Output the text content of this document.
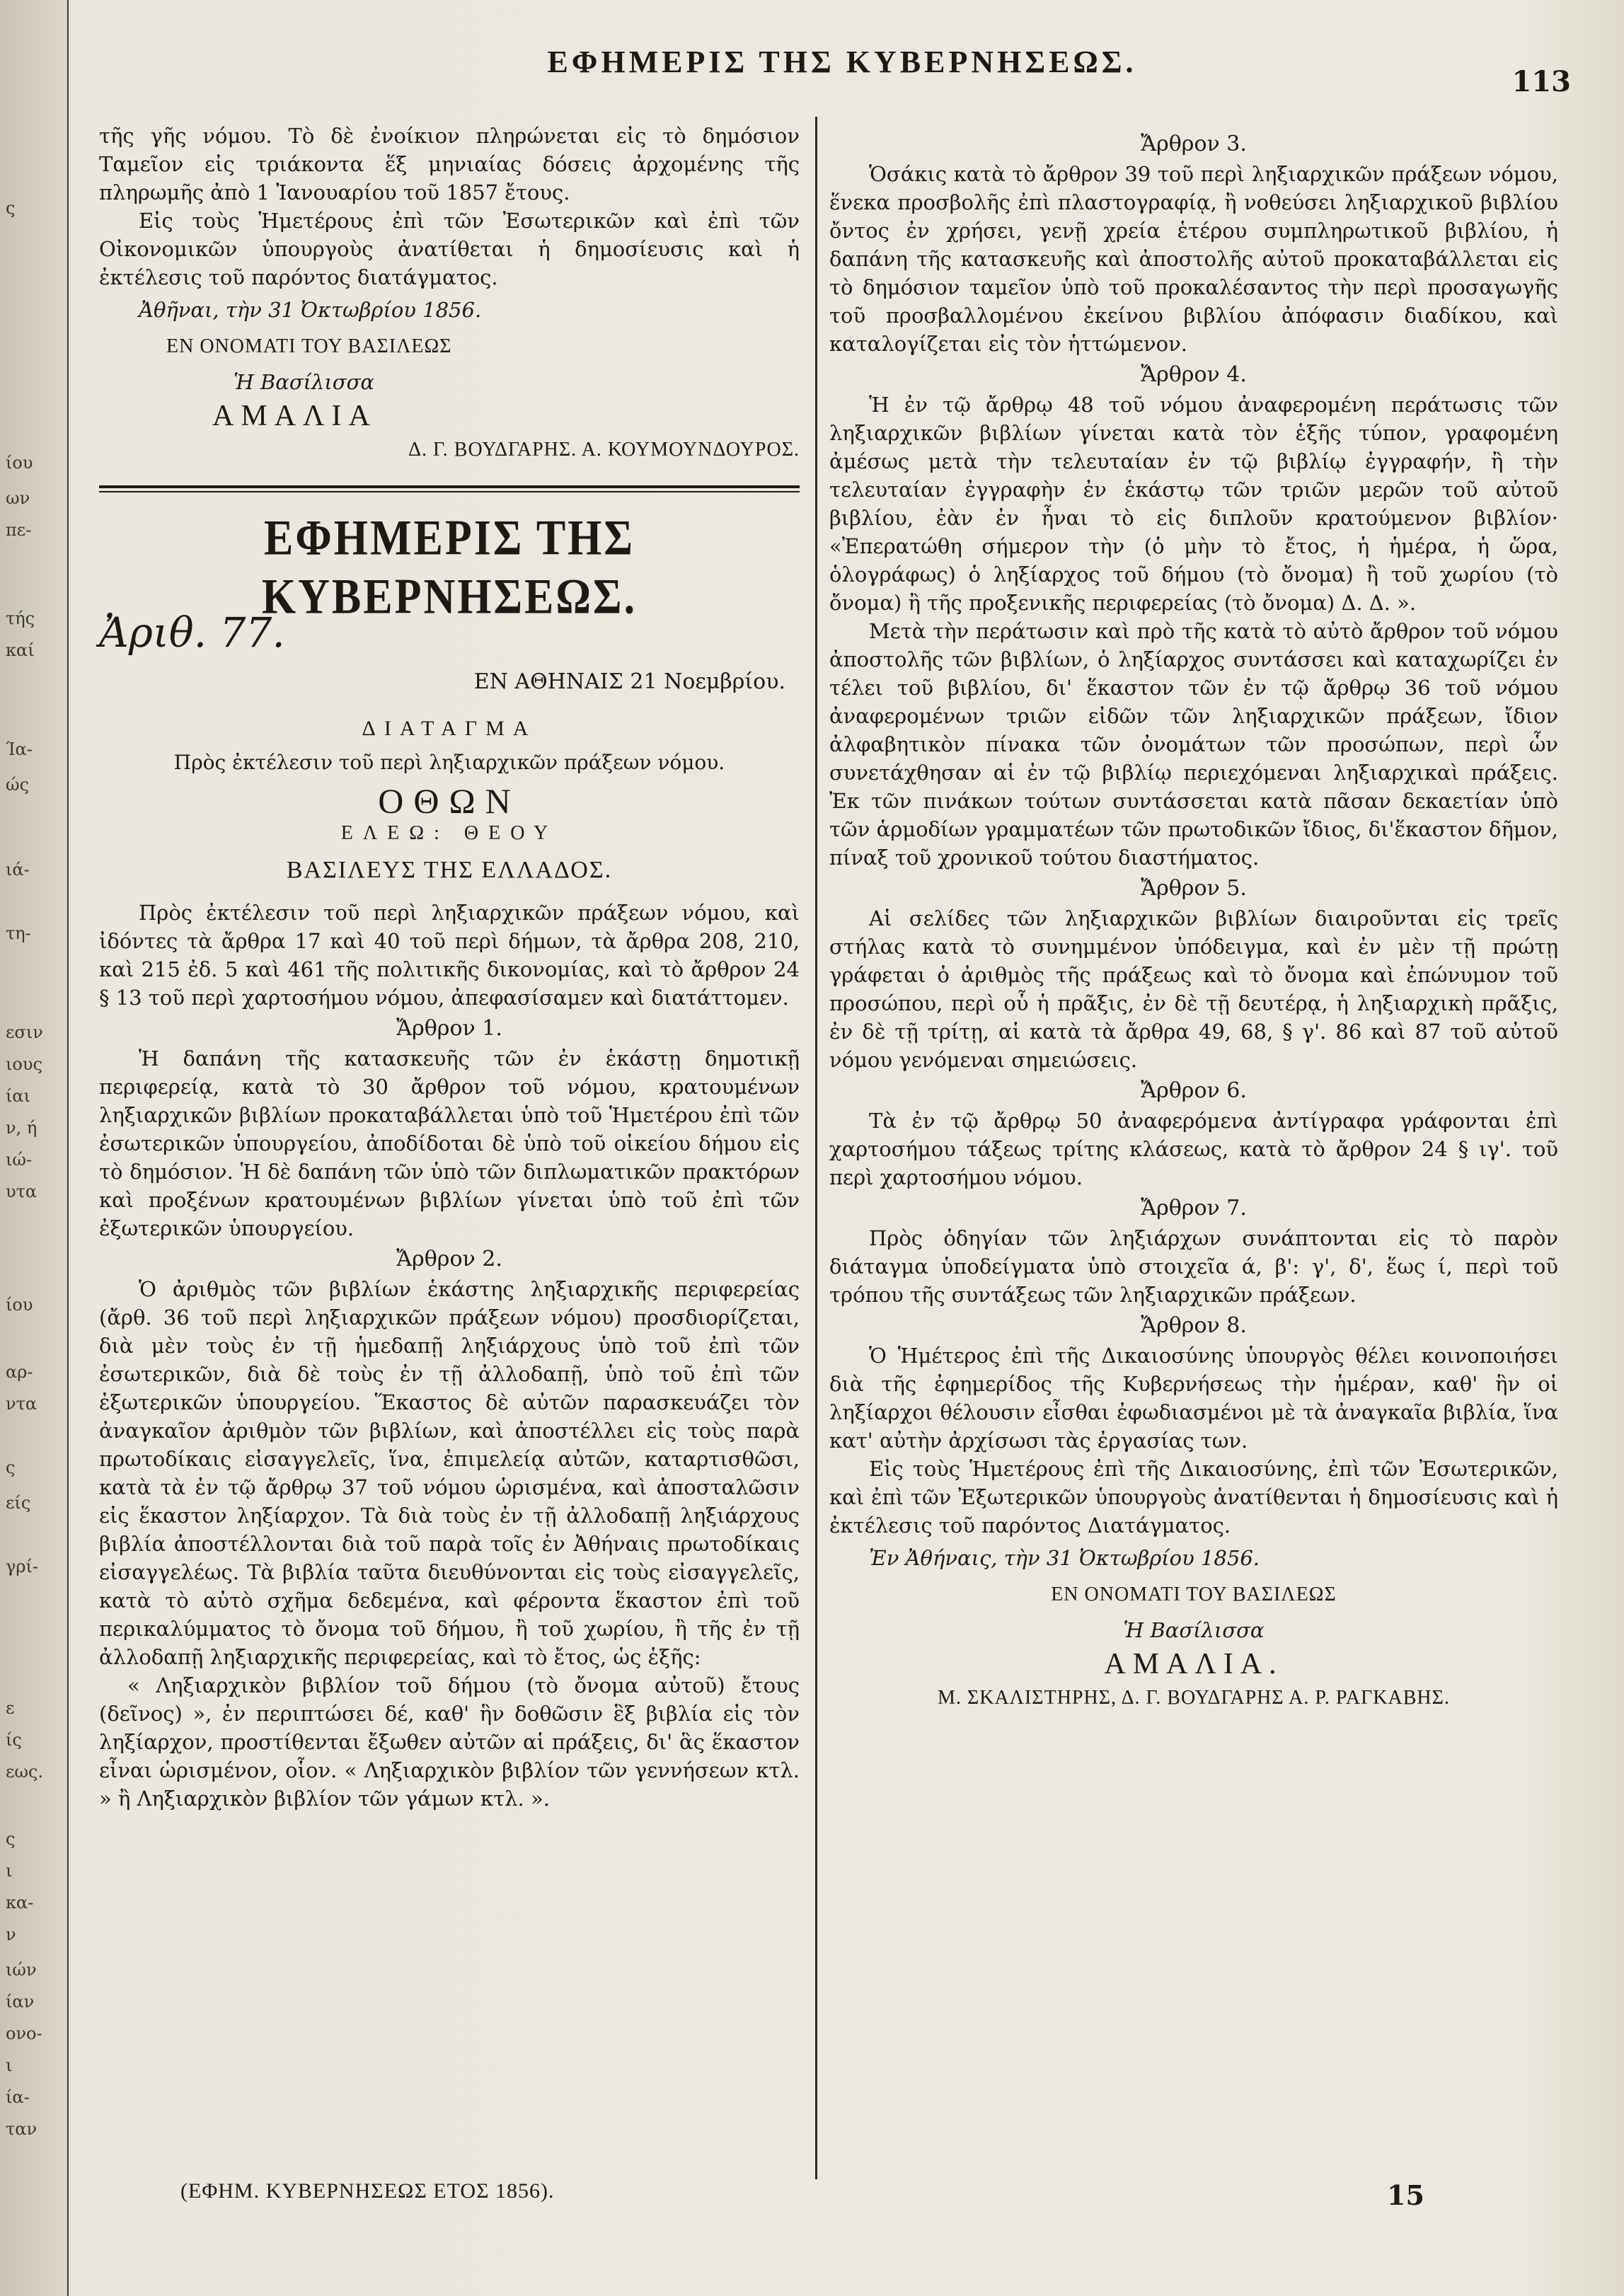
ς
ίου
ων
πε-
τής
καί
Ία-
ώς
ιά-
τη-
εσιν
ιους
ίαι
ν, ή
ιώ-
υτα
ίου
αρ-
ντα
ς
είς
γρί-
ε
ίς
εως.
ς
ι
κα-
ν
ιών
ίαν
ονο-
ι
ία-
ταν
ΕΦΗΜΕΡΙΣ ΤΗΣ ΚΥΒΕΡΝΗΣΕΩΣ.
113

τῆς γῆς νόμου. Τὸ δὲ ἐνοίκιον πληρώνεται εἰς τὸ δημόσιον Ταμεῖον εἰς τριάκοντα ἕξ μηνιαίας δόσεις ἀρχομένης τῆς πληρωμῆς ἀπὸ 1 Ἰανουαρίου τοῦ 1857 ἔτους.

Εἰς τοὺς Ἡμετέρους ἐπὶ τῶν Ἐσωτερικῶν καὶ ἐπὶ τῶν Οἰκονομικῶν ὑπουργοὺς ἀνατίθεται ἡ δημοσίευσις καὶ ἡ ἐκτέλεσις τοῦ παρόντος διατάγματος.

Ἀθῆναι, τὴν 31 Ὀκτωβρίου 1856.

ΕΝ ΟΝΟΜΑΤΙ ΤΟΥ ΒΑΣΙΛΕΩΣ
Ἡ Βασίλισσα
ΑΜΑΛΙΑ
Δ. Γ. ΒΟΥΔΓΑΡΗΣ. Α. ΚΟΥΜΟΥΝΔΟΥΡΟΣ.
ΕΦΗΜΕΡΙΣ ΤΗΣ ΚΥΒΕΡΝΗΣΕΩΣ.
Ἀριθ. 77.
ΕΝ ΑΘΗΝΑΙΣ 21 Νοεμβρίου.
ΔΙΑΤΑΓΜΑ
Πρὸς ἐκτέλεσιν τοῦ περὶ ληξιαρχικῶν πράξεων νόμου.
ΟΘΩΝ
ΕΛΕΩ: ΘΕΟΥ
ΒΑΣΙΛΕΥΣ ΤΗΣ ΕΛΛΑΔΟΣ.

Πρὸς ἐκτέλεσιν τοῦ περὶ ληξιαρχικῶν πράξεων νόμου, καὶ ἰδόντες τὰ ἄρθρα 17 καὶ 40 τοῦ περὶ δήμων, τὰ ἄρθρα 208, 210, καὶ 215 ἐδ. 5 καὶ 461 τῆς πολιτικῆς δικονομίας, καὶ τὸ ἄρθρον 24 § 13 τοῦ περὶ χαρτοσήμου νόμου, ἀπεφασίσαμεν καὶ διατάττομεν.

Ἄρθρον 1.

Ἡ δαπάνη τῆς κατασκευῆς τῶν ἐν ἑκάστῃ δημοτικῇ περιφερείᾳ, κατὰ τὸ 30 ἄρθρον τοῦ νόμου, κρατουμένων ληξιαρχικῶν βιβλίων προκαταβάλλεται ὑπὸ τοῦ Ἡμετέρου ἐπὶ τῶν ἐσωτερικῶν ὑπουργείου, ἀποδίδοται δὲ ὑπὸ τοῦ οἰκείου δήμου εἰς τὸ δημόσιον. Ἡ δὲ δαπάνη τῶν ὑπὸ τῶν διπλωματικῶν πρακτόρων καὶ προξένων κρατουμένων βιβλίων γίνεται ὑπὸ τοῦ ἐπὶ τῶν ἐξωτερικῶν ὑπουργείου.

Ἄρθρον 2.

Ὁ ἀριθμὸς τῶν βιβλίων ἑκάστης ληξιαρχικῆς περιφερείας (ἄρθ. 36 τοῦ περὶ ληξιαρχικῶν πράξεων νόμου) προσδιορίζεται, διὰ μὲν τοὺς ἐν τῇ ἡμεδαπῇ ληξιάρχους ὑπὸ τοῦ ἐπὶ τῶν ἐσωτερικῶν, διὰ δὲ τοὺς ἐν τῇ ἀλλοδαπῇ, ὑπὸ τοῦ ἐπὶ τῶν ἐξωτερικῶν ὑπουργείου. Ἕκαστος δὲ αὐτῶν παρασκευάζει τὸν ἀναγκαῖον ἀριθμὸν τῶν βιβλίων, καὶ ἀποστέλλει εἰς τοὺς παρὰ πρωτοδίκαις εἰσαγγελεῖς, ἵνα, ἐπιμελείᾳ αὐτῶν, καταρτισθῶσι, κατὰ τὰ ἐν τῷ ἄρθρῳ 37 τοῦ νόμου ὡρισμένα, καὶ ἀποσταλῶσιν εἰς ἕκαστον ληξίαρχον. Τὰ διὰ τοὺς ἐν τῇ ἀλλοδαπῇ ληξιάρχους βιβλία ἀποστέλλονται διὰ τοῦ παρὰ τοῖς ἐν Ἀθήναις πρωτοδίκαις εἰσαγγελέως. Τὰ βιβλία ταῦτα διευθύνονται εἰς τοὺς εἰσαγγελεῖς, κατὰ τὸ αὐτὸ σχῆμα δεδεμένα, καὶ φέροντα ἕκαστον ἐπὶ τοῦ περικαλύμματος τὸ ὄνομα τοῦ δήμου, ἢ τοῦ χωρίου, ἢ τῆς ἐν τῇ ἀλλοδαπῇ ληξιαρχικῆς περιφερείας, καὶ τὸ ἔτος, ὡς ἑξῆς:

« Ληξιαρχικὸν βιβλίον τοῦ δήμου (τὸ ὄνομα αὐτοῦ) ἔτους (δεῖνος) », ἐν περιπτώσει δέ, καθ' ἣν δοθῶσιν ἓξ βιβλία εἰς τὸν ληξίαρχον, προστίθενται ἔξωθεν αὐτῶν αἱ πράξεις, δι' ἃς ἕκαστον εἶναι ὡρισμένον, οἷον. « Ληξιαρχικὸν βιβλίον τῶν γεννήσεων κτλ. » ἢ Ληξιαρχικὸν βιβλίον τῶν γάμων κτλ. ».

Ἄρθρον 3.

Ὁσάκις κατὰ τὸ ἄρθρον 39 τοῦ περὶ ληξιαρχικῶν πράξεων νόμου, ἕνεκα προσβολῆς ἐπὶ πλαστογραφίᾳ, ἢ νοθεύσει ληξιαρχικοῦ βιβλίου ὄντος ἐν χρήσει, γενῇ χρεία ἑτέρου συμπληρωτικοῦ βιβλίου, ἡ δαπάνη τῆς κατασκευῆς καὶ ἀποστολῆς αὐτοῦ προκαταβάλλεται εἰς τὸ δημόσιον ταμεῖον ὑπὸ τοῦ προκαλέσαντος τὴν περὶ προσαγωγῆς τοῦ προσβαλλομένου ἐκείνου βιβλίου ἀπόφασιν διαδίκου, καὶ καταλογίζεται εἰς τὸν ἡττώμενον.

Ἄρθρον 4.

Ἡ ἐν τῷ ἄρθρῳ 48 τοῦ νόμου ἀναφερομένη περάτωσις τῶν ληξιαρχικῶν βιβλίων γίνεται κατὰ τὸν ἑξῆς τύπον, γραφομένη ἀμέσως μετὰ τὴν τελευταίαν ἐν τῷ βιβλίῳ ἐγγραφήν, ἢ τὴν τελευταίαν ἐγγραφὴν ἐν ἑκάστῳ τῶν τριῶν μερῶν τοῦ αὐτοῦ βιβλίου, ἐὰν ἐν ἦναι τὸ εἰς διπλοῦν κρατούμενον βιβλίον· «Ἐπερατώθη σήμερον τὴν (ὁ μὴν τὸ ἔτος, ἡ ἡμέρα, ἡ ὥρα, ὁλογράφως) ὁ ληξίαρχος τοῦ δήμου (τὸ ὄνομα) ἢ τοῦ χωρίου (τὸ ὄνομα) ἢ τῆς προξενικῆς περιφερείας (τὸ ὄνομα) Δ. Δ. ».

Μετὰ τὴν περάτωσιν καὶ πρὸ τῆς κατὰ τὸ αὐτὸ ἄρθρον τοῦ νόμου ἀποστολῆς τῶν βιβλίων, ὁ ληξίαρχος συντάσσει καὶ καταχωρίζει ἐν τέλει τοῦ βιβλίου, δι' ἕκαστον τῶν ἐν τῷ ἄρθρῳ 36 τοῦ νόμου ἀναφερομένων τριῶν εἰδῶν τῶν ληξιαρχικῶν πράξεων, ἴδιον ἀλφαβητικὸν πίνακα τῶν ὀνομάτων τῶν προσώπων, περὶ ὧν συνετάχθησαν αἱ ἐν τῷ βιβλίῳ περιεχόμεναι ληξιαρχικαὶ πράξεις. Ἐκ τῶν πινάκων τούτων συντάσσεται κατὰ πᾶσαν δεκαετίαν ὑπὸ τῶν ἁρμοδίων γραμματέων τῶν πρωτοδικῶν ἴδιος, δι'ἕκαστον δῆμον, πίναξ τοῦ χρονικοῦ τούτου διαστήματος.

Ἄρθρον 5.

Αἱ σελίδες τῶν ληξιαρχικῶν βιβλίων διαιροῦνται εἰς τρεῖς στήλας κατὰ τὸ συνημμένον ὑπόδειγμα, καὶ ἐν μὲν τῇ πρώτῃ γράφεται ὁ ἀριθμὸς τῆς πράξεως καὶ τὸ ὄνομα καὶ ἐπώνυμον τοῦ προσώπου, περὶ οὗ ἡ πρᾶξις, ἐν δὲ τῇ δευτέρᾳ, ἡ ληξιαρχικὴ πρᾶξις, ἐν δὲ τῇ τρίτῃ, αἱ κατὰ τὰ ἄρθρα 49, 68, § γ'. 86 καὶ 87 τοῦ αὐτοῦ νόμου γενόμεναι σημειώσεις.

Ἄρθρον 6.

Τὰ ἐν τῷ ἄρθρῳ 50 ἀναφερόμενα ἀντίγραφα γράφονται ἐπὶ χαρτοσήμου τάξεως τρίτης κλάσεως, κατὰ τὸ ἄρθρον 24 § ιγ'. τοῦ περὶ χαρτοσήμου νόμου.

Ἄρθρον 7.

Πρὸς ὁδηγίαν τῶν ληξιάρχων συνάπτονται εἰς τὸ παρὸν διάταγμα ὑποδείγματα ὑπὸ στοιχεῖα ά, β': γ', δ', ἕως ί, περὶ τοῦ τρόπου τῆς συντάξεως τῶν ληξιαρχικῶν πράξεων.

Ἄρθρον 8.

Ὁ Ἡμέτερος ἐπὶ τῆς Δικαιοσύνης ὑπουργὸς θέλει κοινοποιήσει διὰ τῆς ἐφημερίδος τῆς Κυβερνήσεως τὴν ἡμέραν, καθ' ἣν οἱ ληξίαρχοι θέλουσιν εἶσθαι ἐφωδιασμένοι μὲ τὰ ἀναγκαῖα βιβλία, ἵνα κατ' αὐτὴν ἀρχίσωσι τὰς ἐργασίας των.

Εἰς τοὺς Ἡμετέρους ἐπὶ τῆς Δικαιοσύνης, ἐπὶ τῶν Ἐσωτερικῶν, καὶ ἐπὶ τῶν Ἐξωτερικῶν ὑπουργοὺς ἀνατίθενται ἡ δημοσίευσις καὶ ἡ ἐκτέλεσις τοῦ παρόντος Διατάγματος.

Ἐν Ἀθήναις, τὴν 31 Ὀκτωβρίου 1856.

ΕΝ ΟΝΟΜΑΤΙ ΤΟΥ ΒΑΣΙΛΕΩΣ
Ἡ Βασίλισσα
ΑΜΑΛΙΑ.
Μ. ΣΚΑΛΙΣΤΗΡΗΣ, Δ. Γ. ΒΟΥΔΓΑΡΗΣ Α. Ρ. ΡΑΓΚΑΒΗΣ.
(ΕΦΗΜ. ΚΥΒΕΡΝΗΣΕΩΣ ΕΤΟΣ 1856).	15
